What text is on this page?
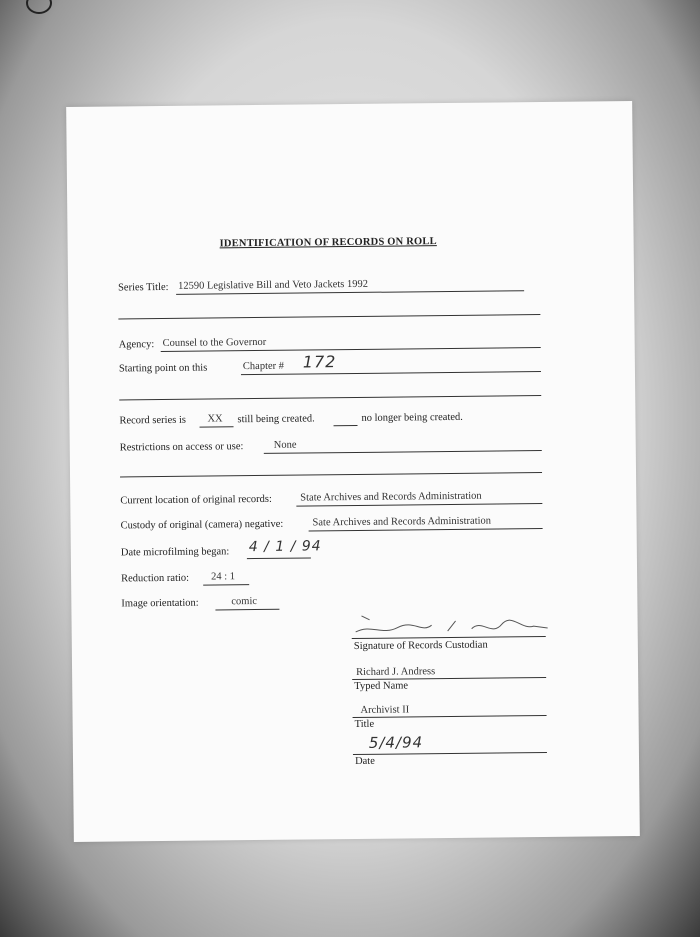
IDENTIFICATION OF RECORDS ON ROLL
Series Title: 12590 Legislative Bill and Veto Jackets 1992
Agency: Counsel to the Governor
Starting point on this	Chapter # 172
Record series is XX still being created.	no longer being created.
Restrictions on access or use:	None
Current location of original records:	State Archives and Records Administration
Custody of original (camera) negative:	Sate Archives and Records Administration
Date microfilming began: 4 / 1 / 94
Reduction ratio: 24 : 1
Image orientation:	comic
Signature of Records Custodian
Richard J. Andress
Typed Name
Archivist II
Title
5/4/94
Date
